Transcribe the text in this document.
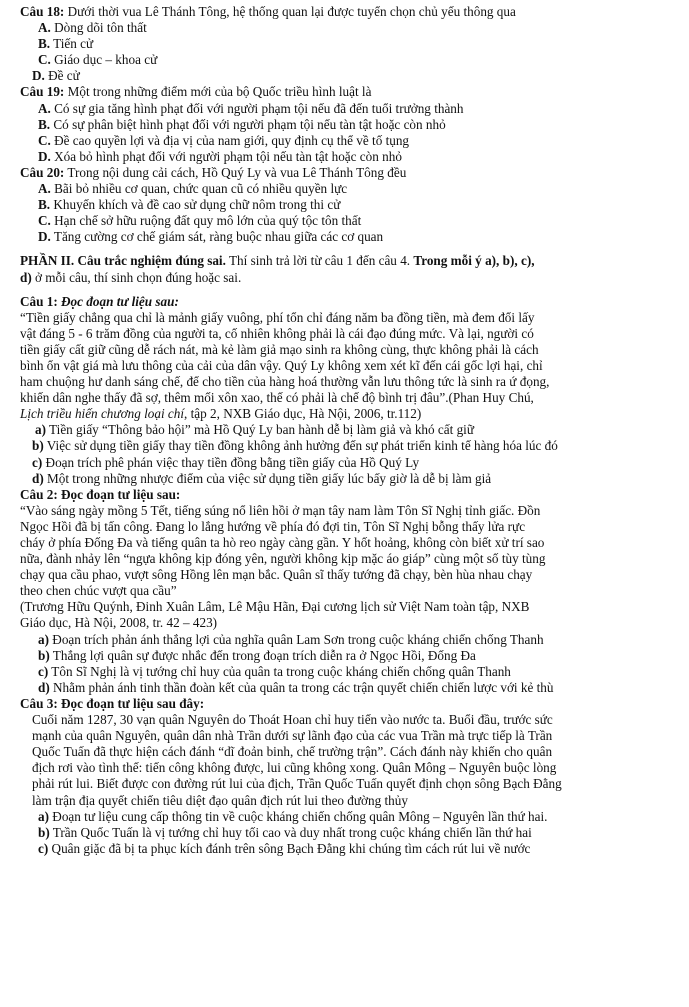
Câu 18: Dưới thời vua Lê Thánh Tông, hệ thống quan lại được tuyển chọn chủ yếu thông qua
A. Dòng dõi tôn thất
B. Tiến cử
C. Giáo dục – khoa cử
D. Đề cử
Câu 19: Một trong những điểm mới của bộ Quốc triều hình luật là
A. Có sự gia tăng hình phạt đối với người phạm tội nếu đã đến tuổi trưởng thành
B. Có sự phân biệt hình phạt đối với người phạm tội nếu tàn tật hoặc còn nhỏ
C. Đề cao quyền lợi và địa vị của nam giới, quy định cụ thể về tố tụng
D. Xóa bỏ hình phạt đối với người phạm tội nếu tàn tật hoặc còn nhỏ
Câu 20: Trong nội dung cải cách, Hồ Quý Ly và vua Lê Thánh Tông đều
A. Bãi bỏ nhiều cơ quan, chức quan cũ có nhiều quyền lực
B. Khuyến khích và đề cao sử dụng chữ nôm trong thi cử
C. Hạn chế sở hữu ruộng đất quy mô lớn của quý tộc tôn thất
D. Tăng cường cơ chế giám sát, ràng buộc nhau giữa các cơ quan
PHẦN II. Câu trắc nghiệm đúng sai. Thí sinh trả lời từ câu 1 đến câu 4. Trong mỗi ý a), b), c),
d) ở mỗi câu, thí sinh chọn đúng hoặc sai.
Câu 1: Đọc đoạn tư liệu sau:
“Tiền giấy chẳng qua chỉ là mảnh giấy vuông, phí tổn chỉ đáng năm ba đồng tiền, mà đem đổi lấy
vật đáng 5 - 6 trăm đồng của người ta, cố nhiên không phải là cái đạo đúng mức. Và lại, người có
tiền giấy cất giữ cũng dễ rách nát, mà kẻ làm giả mạo sinh ra không cùng, thực không phải là cách
bình ổn vật giá mà lưu thông của cải của dân vậy. Quý Ly không xem xét kĩ đến cái gốc lợi hại, chỉ
ham chuộng hư danh sáng chế, để cho tiền của hàng hoá thường vẫn lưu thông tức là sinh ra ứ đọng,
khiến dân nghe thấy đã sợ, thêm mối xôn xao, thế có phải là chế độ bình trị đâu”.(Phan Huy Chú,
Lịch triều hiến chương loại chí, tập 2, NXB Giáo dục, Hà Nội, 2006, tr.112)
a) Tiền giấy “Thông bảo hội” mà Hồ Quý Ly ban hành dễ bị làm giả và khó cất giữ
b) Việc sử dụng tiền giấy thay tiền đồng không ảnh hưởng đến sự phát triển kinh tế hàng hóa lúc đó
c) Đoạn trích phê phán việc thay tiền đồng bằng tiền giấy của Hồ Quý Ly
d) Một trong những nhược điểm của việc sử dụng tiền giấy lúc bấy giờ là dễ bị làm giả
Câu 2: Đọc đoạn tư liệu sau:
“Vào sáng ngày mồng 5 Tết, tiếng súng nổ liên hồi ở mạn tây nam làm Tôn Sĩ Nghị tỉnh giấc. Đồn
Ngọc Hồi đã bị tấn công. Đang lo lắng hướng về phía đó đợi tin, Tôn Sĩ Nghị bỗng thấy lửa rực
cháy ở phía Đống Đa và tiếng quân ta hò reo ngày càng gần. Y hốt hoảng, không còn biết xử trí sao
nữa, đành nhảy lên “ngựa không kịp đóng yên, người không kịp mặc áo giáp” cùng một số tùy tùng
chạy qua cầu phao, vượt sông Hồng lên mạn bắc. Quân sĩ thấy tướng đã chạy, bèn hùa nhau chạy
theo chen chúc vượt qua cầu”
(Trương Hữu Quýnh, Đinh Xuân Lâm, Lê Mậu Hãn, Đại cương lịch sử Việt Nam toàn tập, NXB
Giáo dục, Hà Nội, 2008, tr. 42 – 423)
a) Đoạn trích phản ánh thắng lợi của nghĩa quân Lam Sơn trong cuộc kháng chiến chống Thanh
b) Thắng lợi quân sự được nhắc đến trong đoạn trích diễn ra ở Ngọc Hồi, Đống Đa
c) Tôn Sĩ Nghị là vị tướng chỉ huy của quân ta trong cuộc kháng chiến chống quân Thanh
d) Nhằm phản ánh tinh thần đoàn kết của quân ta trong các trận quyết chiến chiến lược với kẻ thù
Câu 3: Đọc đoạn tư liệu sau đây:
Cuối năm 1287, 30 vạn quân Nguyên do Thoát Hoan chỉ huy tiến vào nước ta. Buổi đầu, trước sức
mạnh của quân Nguyên, quân dân nhà Trần dưới sự lãnh đạo của các vua Trần mà trực tiếp là Trần
Quốc Tuấn đã thực hiện cách đánh “dĩ đoản binh, chế trường trận”. Cách đánh này khiến cho quân
địch rơi vào tình thế: tiến công không được, lui cũng không xong. Quân Mông – Nguyên buộc lòng
phải rút lui. Biết được con đường rút lui của địch, Trần Quốc Tuấn quyết định chọn sông Bạch Đằng
làm trận địa quyết chiến tiêu diệt đạo quân địch rút lui theo đường thủy
a) Đoạn tư liệu cung cấp thông tin về cuộc kháng chiến chống quân Mông – Nguyên lần thứ hai.
b) Trần Quốc Tuấn là vị tướng chỉ huy tối cao và duy nhất trong cuộc kháng chiến lần thứ hai
c) Quân giặc đã bị ta phục kích đánh trên sông Bạch Đằng khi chúng tìm cách rút lui về nước
